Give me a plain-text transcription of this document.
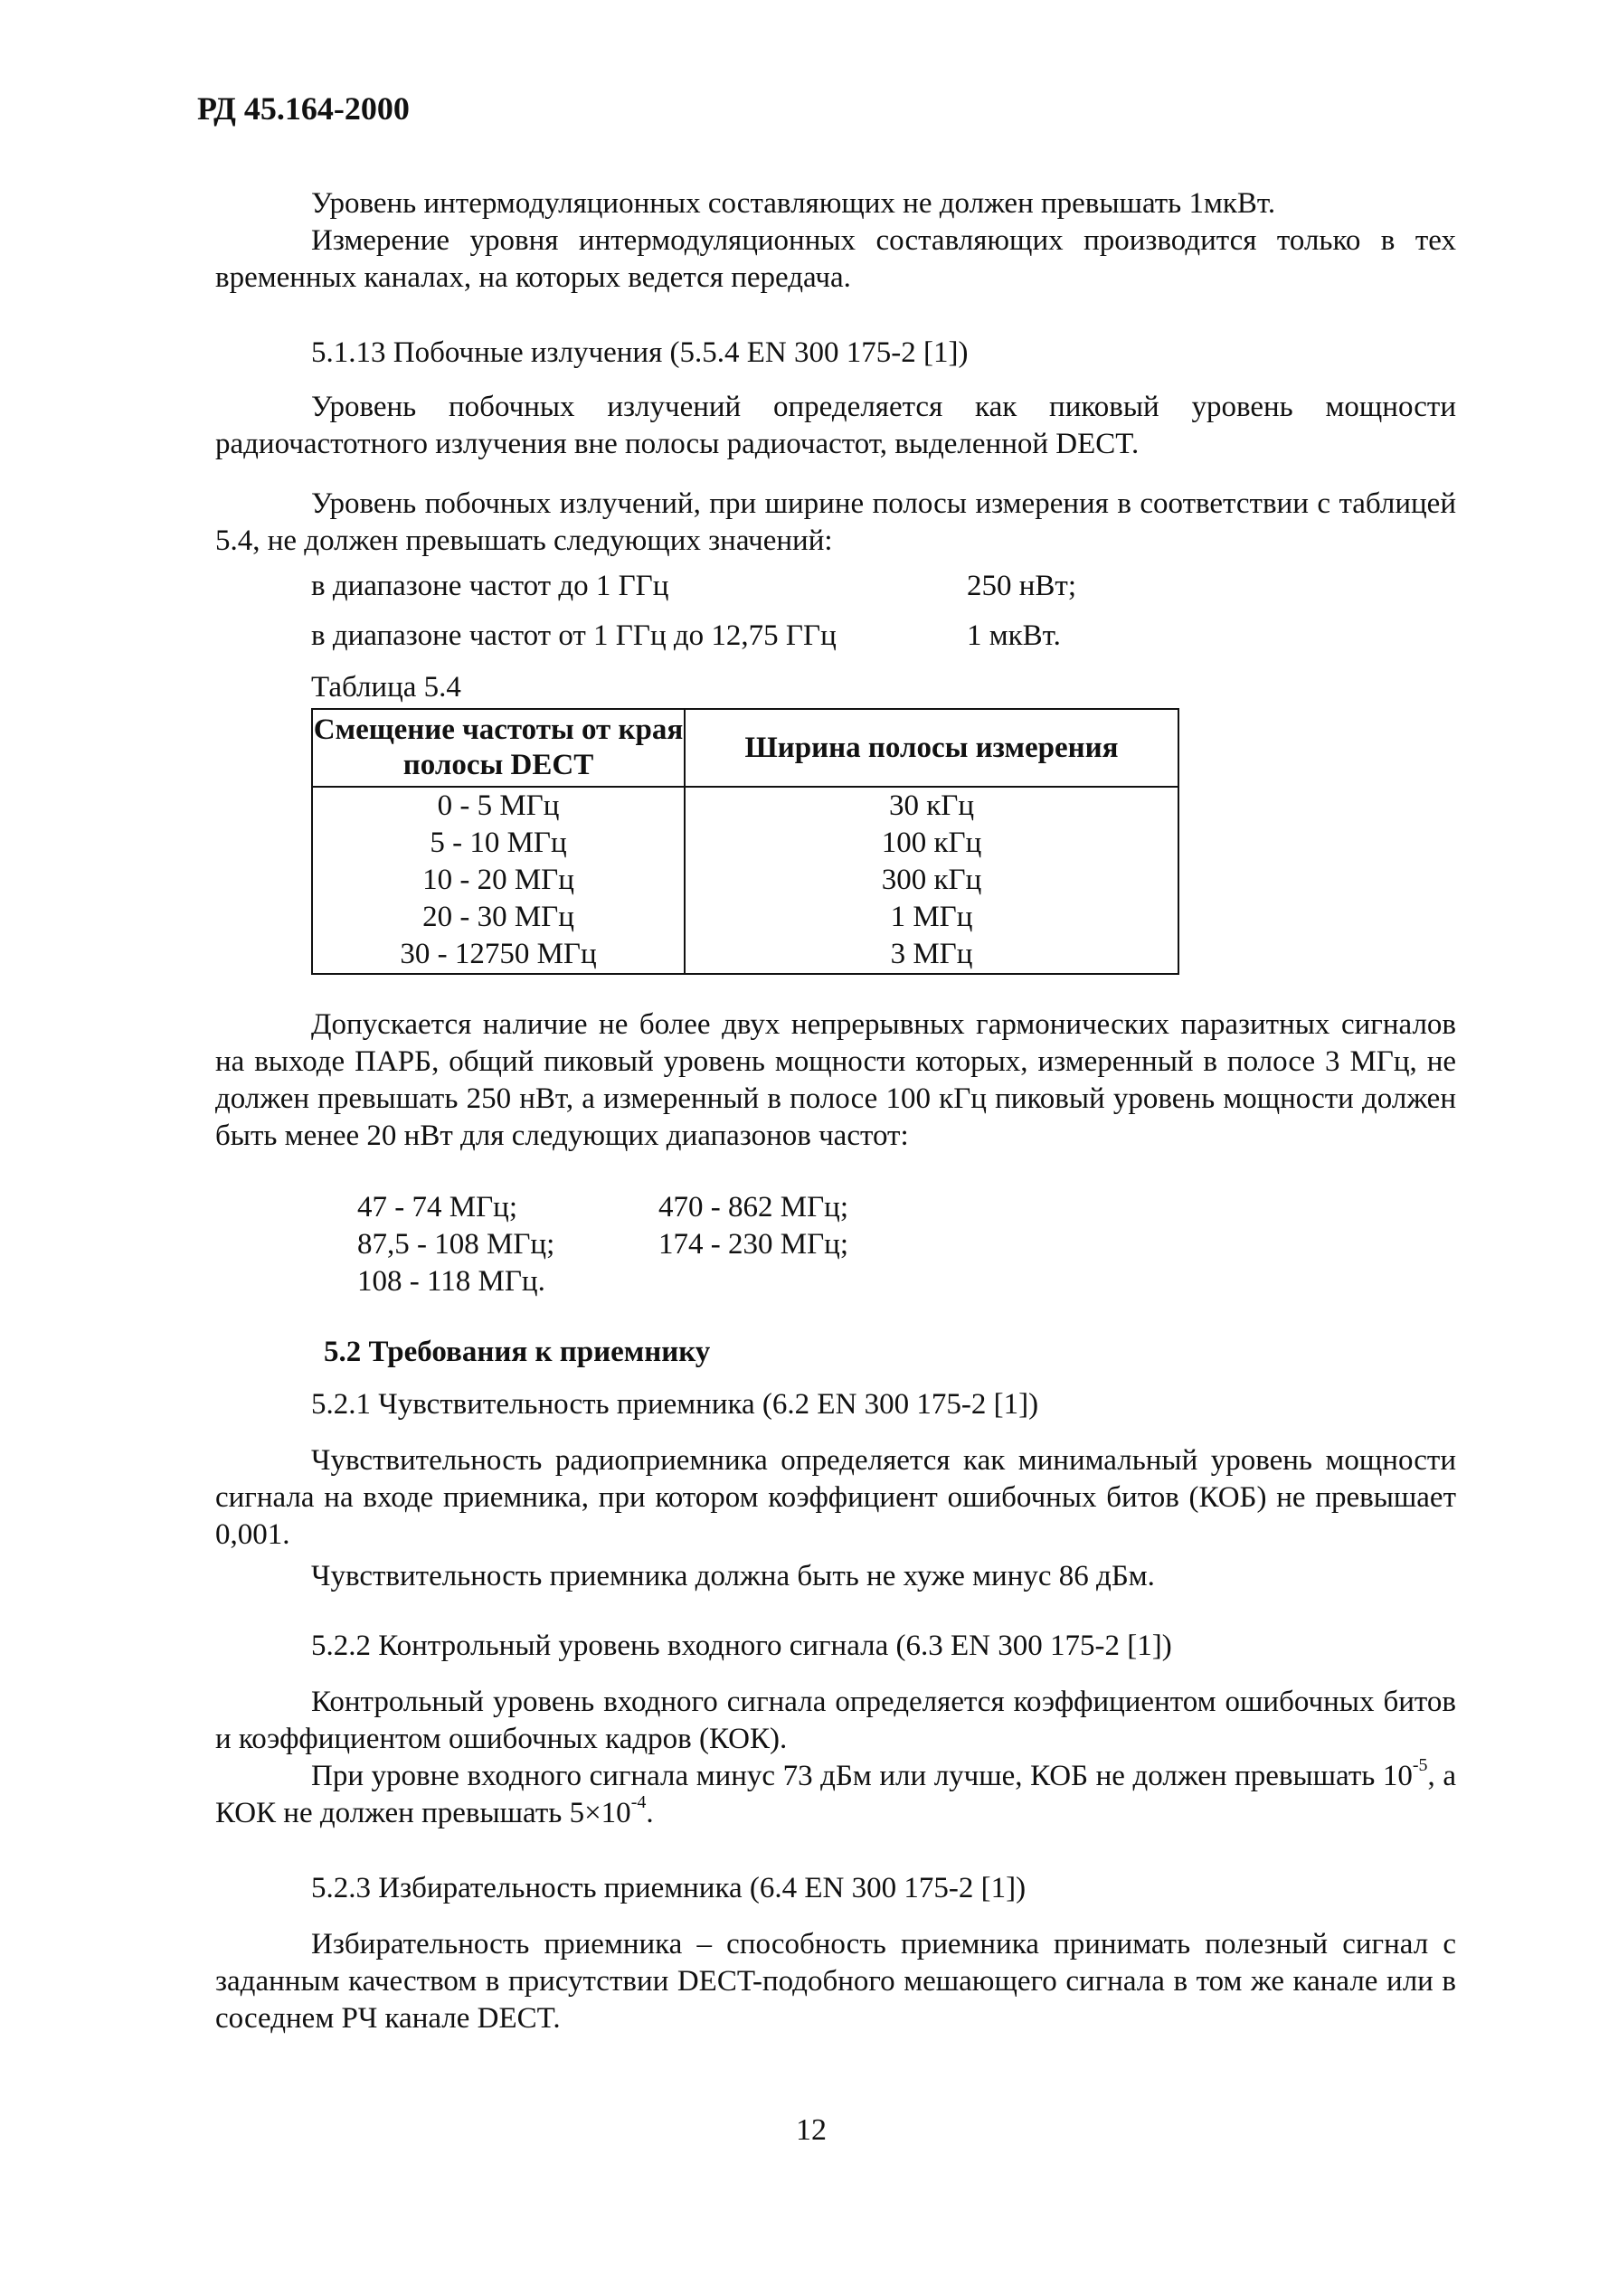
РД 45.164-2000
Уровень интермодуляционных составляющих не должен превышать 1мкВт.
Измерение уровня интермодуляционных составляющих производится только в тех временных каналах, на которых ведется передача.
5.1.13 Побочные излучения (5.5.4 EN 300 175-2 [1])
Уровень побочных излучений определяется как пиковый уровень мощности радиочастотного излучения вне полосы радиочастот, выделенной DECT.
Уровень побочных излучений, при ширине полосы измерения в соответствии с таблицей 5.4, не должен превышать следующих значений:
в диапазоне частот до 1 ГГц	250 нВт;
в диапазоне частот от 1 ГГц до 12,75 ГГц	1 мкВт.
Таблица 5.4
Смещение частоты от края полосы DECT	Ширина полосы измерения
0 - 5 МГц	30 кГц
5 - 10 МГц	100 кГц
10 - 20 МГц	300 кГц
20 - 30 МГц	1 МГц
30 - 12750 МГц	3 МГц
Допускается наличие не более двух непрерывных гармонических паразитных сигналов на выходе ПАРБ, общий пиковый уровень мощности которых, измеренный в полосе 3 МГц, не должен превышать 250 нВт, а измеренный в полосе 100 кГц пиковый уровень мощности должен быть менее 20 нВт для следующих диапазонов частот:
47 - 74 МГц;	470 - 862 МГц;
87,5 - 108 МГц;	174 - 230 МГц;
108 - 118 МГц.
5.2 Требования к приемнику
5.2.1 Чувствительность приемника (6.2 EN 300 175-2 [1])
Чувствительность радиоприемника определяется как минимальный уровень мощности сигнала на входе приемника, при котором коэффициент ошибочных битов (КОБ) не превышает 0,001.
Чувствительность приемника должна быть не хуже минус 86 дБм.
5.2.2 Контрольный уровень входного сигнала (6.3 EN 300 175-2 [1])
Контрольный уровень входного сигнала определяется коэффициентом ошибочных битов и коэффициентом ошибочных кадров (КОК).
При уровне входного сигнала минус 73 дБм или лучше, КОБ не должен превышать $10^{-5}$, а КОК не должен превышать $5\times 10^{-4}$.
5.2.3 Избирательность приемника (6.4 EN 300 175-2 [1])
Избирательность приемника – способность приемника принимать полезный сигнал с заданным качеством в присутствии DECT-подобного мешающего сигнала в том же канале или в соседнем РЧ канале DECT.
12
